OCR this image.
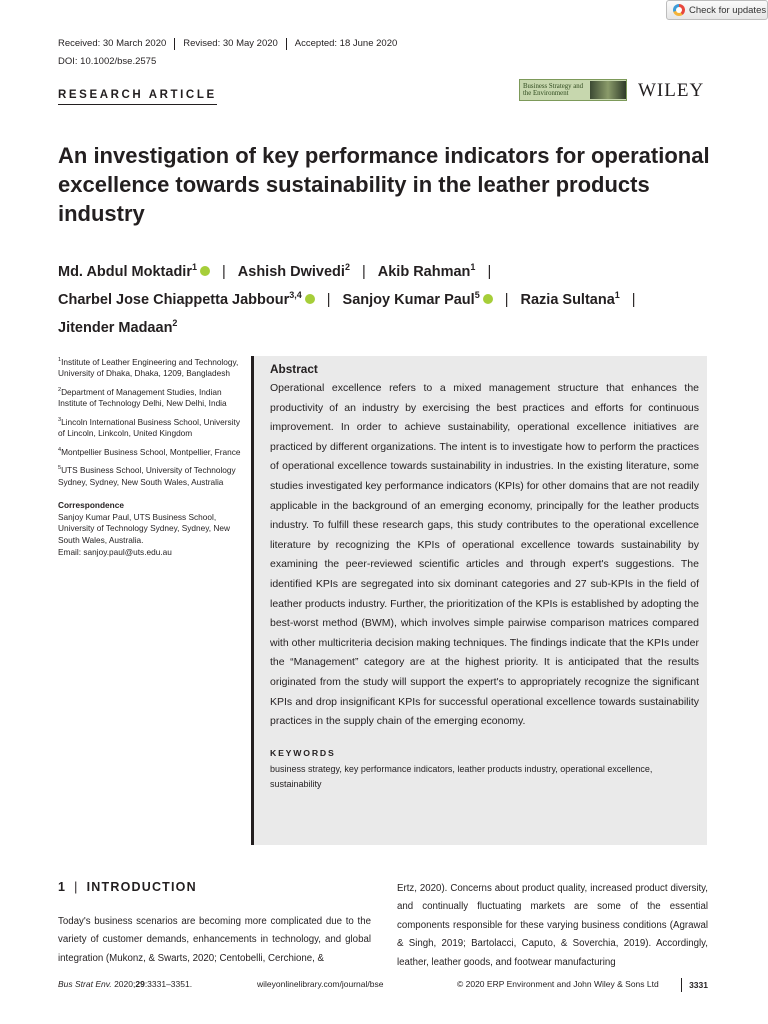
Check for updates
Received: 30 March 2020	Revised: 30 May 2020	Accepted: 18 June 2020
DOI: 10.1002/bse.2575
RESEARCH ARTICLE
Business Strategy and the Environment	WILEY
An investigation of key performance indicators for operational excellence towards sustainability in the leather products industry
Md. Abdul Moktadir$^1$ | Ashish Dwivedi$^2$ | Akib Rahman$^1$ |
Charbel Jose Chiappetta Jabbour$^{3,4}$ | Sanjoy Kumar Paul$^5$ | Razia Sultana$^1$ |
Jitender Madaan$^2$

$^1$Institute of Leather Engineering and Technology, University of Dhaka, Dhaka, 1209, Bangladesh

$^2$Department of Management Studies, Indian Institute of Technology Delhi, New Delhi, India

$^3$Lincoln International Business School, University of Lincoln, Linkcoln, United Kingdom

$^4$Montpellier Business School, Montpellier, France

$^5$UTS Business School, University of Technology Sydney, Sydney, New South Wales, Australia

Correspondence
Sanjoy Kumar Paul, UTS Business School, University of Technology Sydney, Sydney, New South Wales, Australia.
Email: sanjoy.paul@uts.edu.au
Abstract
Operational excellence refers to a mixed management structure that enhances the productivity of an industry by exercising the best practices and efforts for continuous improvement. In order to achieve sustainability, operational excellence initiatives are practiced by different organizations. The intent is to investigate how to perform the practices of operational excellence towards sustainability in industries. In the existing literature, some studies investigated key performance indicators (KPIs) for other domains that are not readily applicable in the background of an emerging economy, principally for the leather products industry. To fulfill these research gaps, this study contributes to the operational excellence literature by recognizing the KPIs of operational excellence towards sustainability by examining the peer-reviewed scientific articles and through expert's suggestions. The identified KPIs are segregated into six dominant categories and 27 sub-KPIs in the field of leather products industry. Further, the prioritization of the KPIs is established by adopting the best-worst method (BWM), which involves simple pairwise comparison matrices compared with other multicriteria decision making techniques. The findings indicate that the KPIs under the “Management” category are at the highest priority. It is anticipated that the results originated from the study will support the expert's to appropriately recognize the significant KPIs and drop insignificant KPIs for successful operational excellence towards sustainability practices in the supply chain of the emerging economy.
KEYWORDS
business strategy, key performance indicators, leather products industry, operational excellence, sustainability
1 | INTRODUCTION
Today's business scenarios are becoming more complicated due to the variety of customer demands, enhancements in technology, and global integration (Mukonz, & Swarts, 2020; Centobelli, Cerchione, &
Ertz, 2020). Concerns about product quality, increased product diversity, and continually fluctuating markets are some of the essential components responsible for these varying business conditions (Agrawal & Singh, 2019; Bartolacci, Caputo, & Soverchia, 2019). Accordingly, leather, leather goods, and footwear manufacturing
Bus Strat Env. 2020;29:3331–3351.	wileyonlinelibrary.com/journal/bse	© 2020 ERP Environment and John Wiley & Sons Ltd	3331
